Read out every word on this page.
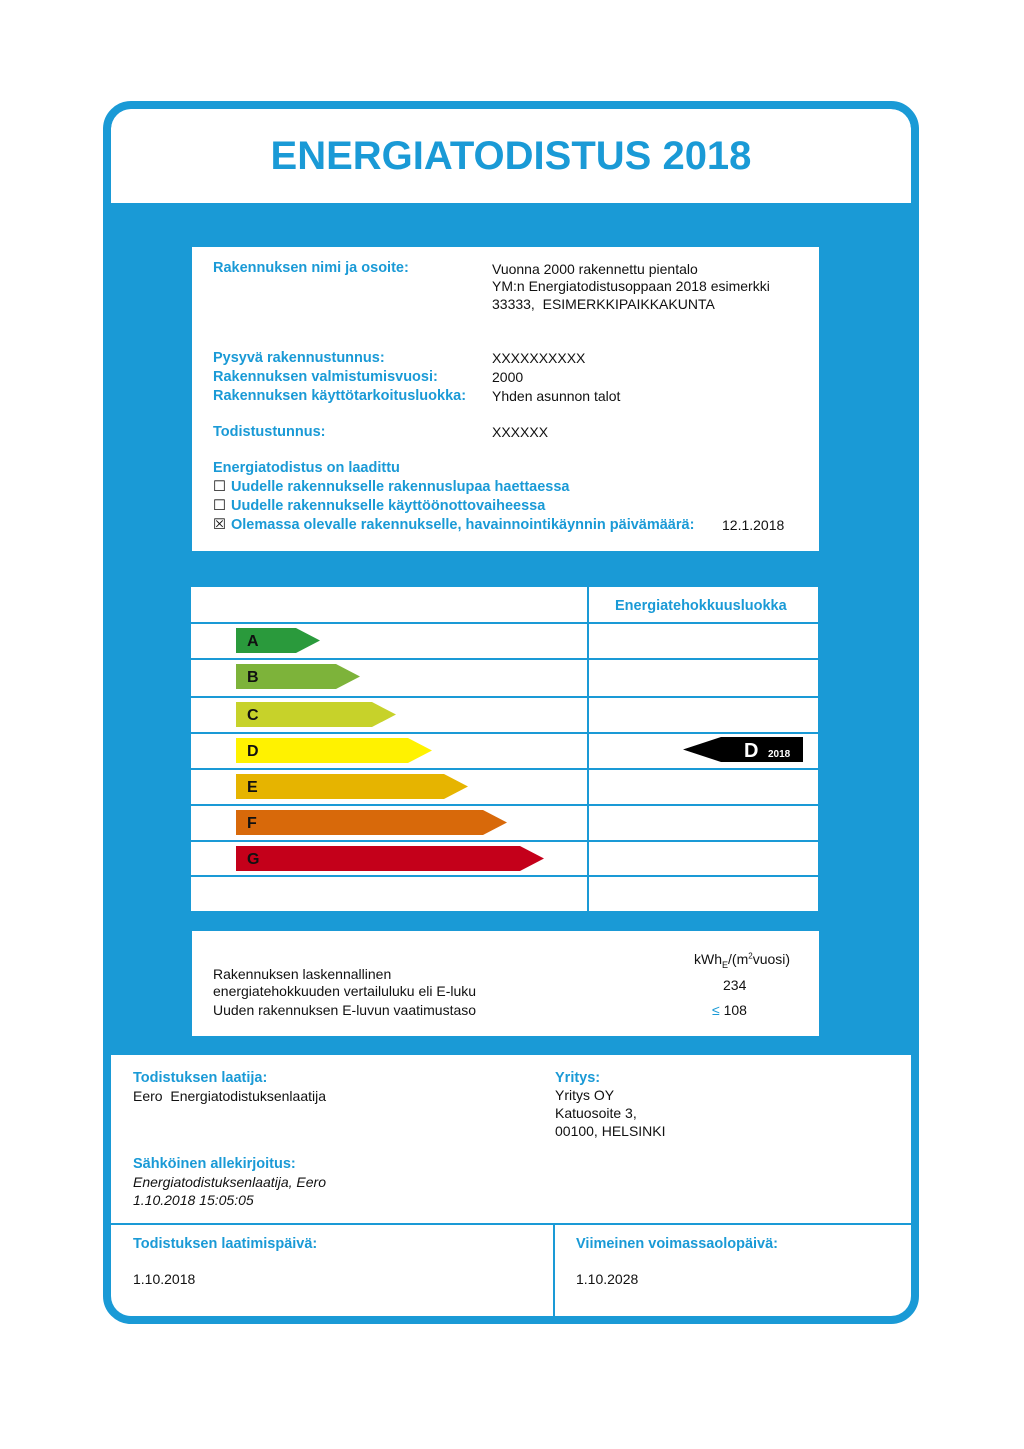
ENERGIATODISTUS 2018
Rakennuksen nimi ja osoite:	Vuonna 2000 rakennettu pientalo
YM:n Energiatodistusoppaan 2018 esimerkki
33333,  ESIMERKKIPAIKKAKUNTA
Pysyvä rakennustunnus:	XXXXXXXXXX
Rakennuksen valmistumisvuosi:	2000
Rakennuksen käyttötarkoitusluokka: Yhden asunnon talot
Todistustunnus:	XXXXXX
Energiatodistus on laadittu
☐ Uudelle rakennukselle rakennuslupaa haettaessa
☐ Uudelle rakennukselle käyttöönottovaiheessa
☒ Olemassa olevalle rakennukselle, havainnointikäynnin päivämäärä: 12.1.2018
Energiatehokkuusluokka
A
B
C
D
E
F
G
D 2018
$kWh_E/(m^2vuosi)$
Rakennuksen laskennallinen
energiatehokkuuden vertailuluku eli E-luku	234
Uuden rakennuksen E-luvun vaatimustaso	≤ 108
Todistuksen laatija:
Eero  Energiatodistuksenlaatija
Yritys:
Yritys OY
Katuosoite 3,
00100, HELSINKI
Sähköinen allekirjoitus:
Energiatodistuksenlaatija, Eero
1.10.2018 15:05:05
Todistuksen laatimispäivä:
1.10.2018
Viimeinen voimassaolopäivä:
1.10.2028
